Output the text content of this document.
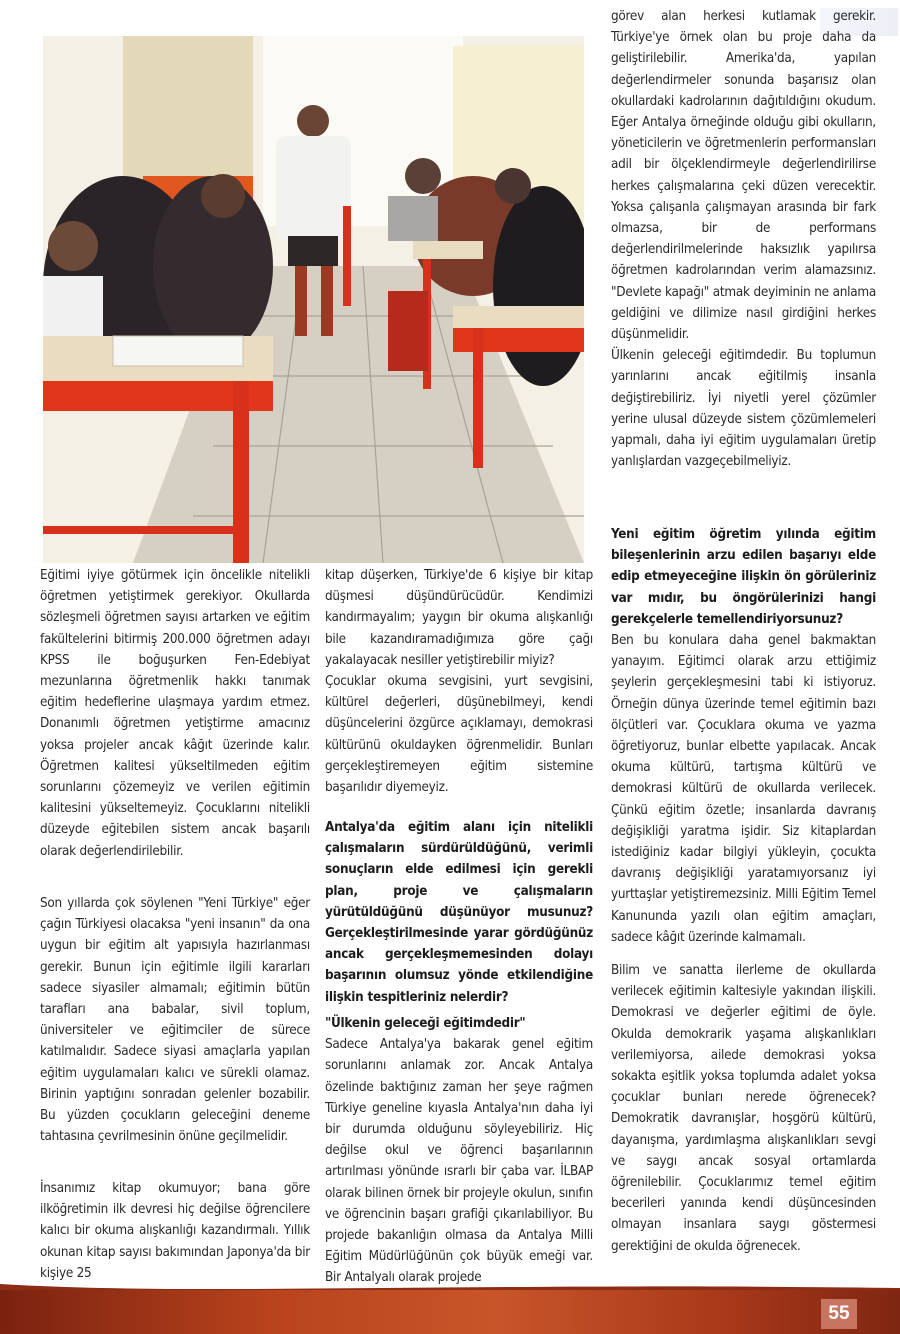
görev alan herkesi kutlamak gerekir. Türkiye'ye örnek olan bu proje daha da geliştirilebilir. Amerika'da, yapılan değerlendirmeler sonunda başarısız olan okullardaki kadrolarının dağıtıldığını okudum. Eğer Antalya örneğinde olduğu gibi okulların, yöneticilerin ve öğretmenlerin performansları adil bir ölçeklendirmeyle değerlendirilirse herkes çalışmalarına çeki düzen verecektir. Yoksa çalışanla çalışmayan arasında bir fark olmazsa, bir de performans değerlendirilmelerinde haksızlık yapılırsa öğretmen kadrolarından verim alamazsınız. "Devlete kapağı" atmak deyiminin ne anlama geldiğini ve dilimize nasıl girdiğini herkes düşünmelidir.

Ülkenin geleceği eğitimdedir. Bu toplumun yarınlarını ancak eğitilmiş insanla değiştirebiliriz. İyi niyetli yerel çözümler yerine ulusal düzeyde sistem çözümlemeleri yapmalı, daha iyi eğitim uygulamaları üretip yanlışlardan vazgeçebilmeliyiz.

Yeni eğitim öğretim yılında eğitim bileşenlerinin arzu edilen başarıyı elde edip etmeyeceğine ilişkin ön görüleriniz var mıdır, bu öngörülerinizi hangi gerekçelerle temellendiriyorsunuz?

Ben bu konulara daha genel bakmaktan yanayım. Eğitimci olarak arzu ettiğimiz şeylerin gerçekleşmesini tabi ki istiyoruz. Örneğin dünya üzerinde temel eğitimin bazı ölçütleri var. Çocuklara okuma ve yazma öğretiyoruz, bunlar elbette yapılacak. Ancak okuma kültürü, tartışma kültürü ve demokrasi kültürü de okullarda verilecek. Çünkü eğitim özetle; insanlarda davranış değişikliği yaratma işidir. Siz kitaplardan istediğiniz kadar bilgiyi yükleyin, çocukta davranış değişikliği yaratamıyorsanız iyi yurttaşlar yetiştiremezsiniz. Milli Eğitim Temel Kanununda yazılı olan eğitim amaçları, sadece kâğıt üzerinde kalmamalı.

Bilim ve sanatta ilerleme de okullarda verilecek eğitimin kaltesiyle yakından ilişkili. Demokrasi ve değerler eğitimi de öyle. Okulda demokrarik yaşama alışkanlıkları verilemiyorsa, ailede demokrasi yoksa sokakta eşitlik yoksa toplumda adalet yoksa çocuklar bunları nerede öğrenecek? Demokratik davranışlar, hoşgörü kültürü, dayanışma, yardımlaşma alışkanlıkları sevgi ve saygı ancak sosyal ortamlarda öğrenilebilir. Çocuklarımız temel eğitim becerileri yanında kendi düşüncesinden olmayan insanlara saygı göstermesi gerektiğini de okulda öğrenecek.

Eğitimi iyiye götürmek için öncelikle nitelikli öğretmen yetiştirmek gerekiyor. Okullarda sözleşmeli öğretmen sayısı artarken ve eğitim fakültelerini bitirmiş 200.000 öğretmen adayı KPSS ile boğuşurken Fen-Edebiyat mezunlarına öğretmenlik hakkı tanımak eğitim hedeflerine ulaşmaya yardım etmez. Donanımlı öğretmen yetiştirme amacınız yoksa projeler ancak kâğıt üzerinde kalır. Öğretmen kalitesi yükseltilmeden eğitim sorunlarını çözemeyiz ve verilen eğitimin kalitesini yükseltemeyiz. Çocuklarını nitelikli düzeyde eğitebilen sistem ancak başarılı olarak değerlendirilebilir.

Son yıllarda çok söylenen "Yeni Türkiye" eğer çağın Türkiyesi olacaksa "yeni insanın" da ona uygun bir eğitim alt yapısıyla hazırlanması gerekir. Bunun için eğitimle ilgili kararları sadece siyasiler almamalı; eğitimin bütün tarafları ana babalar, sivil toplum, üniversiteler ve eğitimciler de sürece katılmalıdır. Sadece siyasi amaçlarla yapılan eğitim uygulamaları kalıcı ve sürekli olamaz. Birinin yaptığını sonradan gelenler bozabilir. Bu yüzden çocukların geleceğini deneme tahtasına çevrilmesinin önüne geçilmelidir.

İnsanımız kitap okumuyor; bana göre ilköğretimin ilk devresi hiç değilse öğrencilere kalıcı bir okuma alışkanlığı kazandırmalı. Yıllık okunan kitap sayısı bakımından Japonya'da bir kişiye 25

kitap düşerken, Türkiye'de 6 kişiye bir kitap düşmesi düşündürücüdür. Kendimizi kandırmayalım; yaygın bir okuma alışkanlığı bile kazandıramadığımıza göre çağı yakalayacak nesiller yetiştirebilir miyiz?

Çocuklar okuma sevgisini, yurt sevgisini, kültürel değerleri, düşünebilmeyi, kendi düşüncelerini özgürce açıklamayı, demokrasi kültürünü okuldayken öğrenmelidir. Bunları gerçekleştiremeyen eğitim sistemine başarılıdır diyemeyiz.

Antalya'da eğitim alanı için nitelikli çalışmaların sürdürüldüğünü, verimli sonuçların elde edilmesi için gerekli plan, proje ve çalışmaların yürütüldüğünü düşünüyor musunuz? Gerçekleştirilmesinde yarar gördüğünüz ancak gerçekleşmemesinden dolayı başarının olumsuz yönde etkilendiğine ilişkin tespitleriniz nelerdir?

"Ülkenin geleceği eğitimdedir"

Sadece Antalya'ya bakarak genel eğitim sorunlarını anlamak zor. Ancak Antalya özelinde baktığınız zaman her şeye rağmen Türkiye geneline kıyasla Antalya'nın daha iyi bir durumda olduğunu söyleyebiliriz. Hiç değilse okul ve öğrenci başarılarının artırılması yönünde ısrarlı bir çaba var. İLBAP olarak bilinen örnek bir projeyle okulun, sınıfın ve öğrencinin başarı grafiği çıkarılabiliyor. Bu projede bakanlığın olmasa da Antalya Milli Eğitim Müdürlüğünün çok büyük emeği var. Bir Antalyalı olarak projede

55
